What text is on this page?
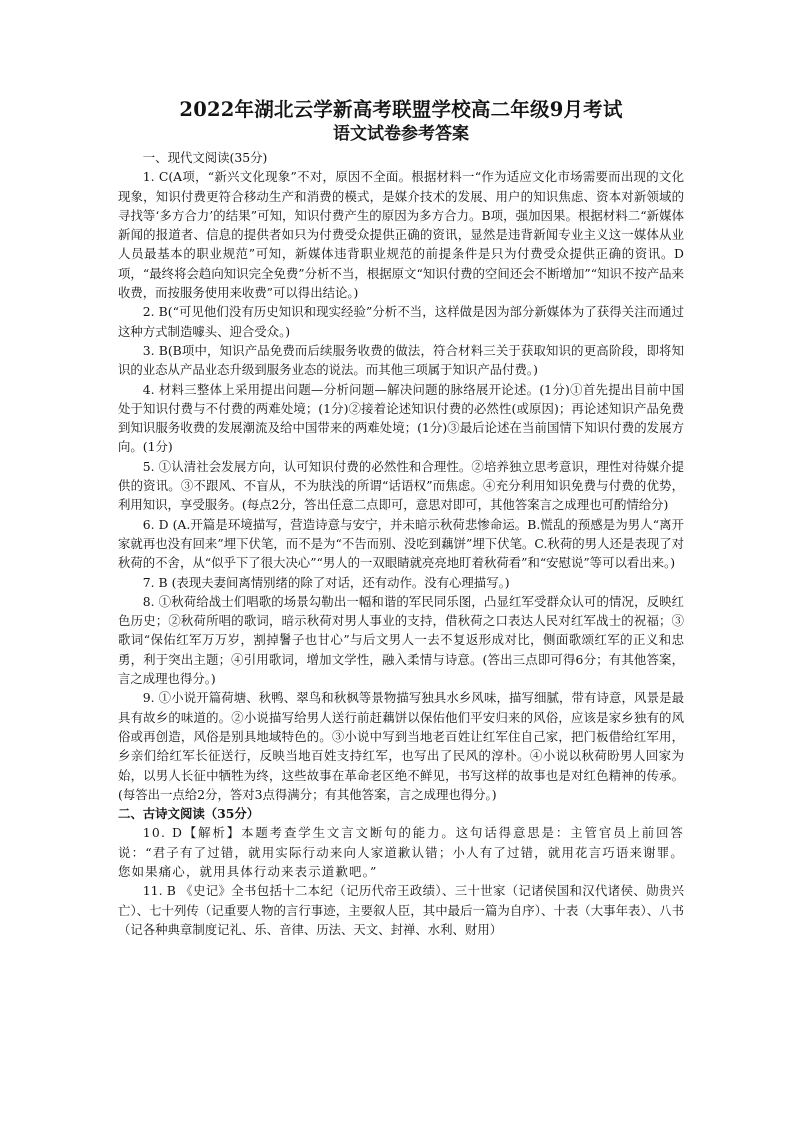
2022年湖北云学新高考联盟学校高二年级9月考试
语文试卷参考答案

一、现代文阅读(35分)

1. C(A项，“新兴文化现象”不对，原因不全面。根据材料一“作为适应文化市场需要而出现的文化现象，知识付费更符合移动生产和消费的模式，是媒介技术的发展、用户的知识焦虑、资本对新领域的寻找等‘多方合力’的结果”可知，知识付费产生的原因为多方合力。B项，强加因果。根据材料二“新媒体新闻的报道者、信息的提供者如只为付费受众提供正确的资讯，显然是违背新闻专业主义这一媒体从业人员最基本的职业规范”可知，新媒体违背职业规范的前提条件是只为付费受众提供正确的资讯。D项，“最终将会趋向知识完全免费”分析不当，根据原文“知识付费的空间还会不断增加”“知识不按产品来收费，而按服务使用来收费”可以得出结论。)

2. B(“可见他们没有历史知识和现实经验”分析不当，这样做是因为部分新媒体为了获得关注而通过这种方式制造噱头、迎合受众。)

3. B(B项中，知识产品免费而后续服务收费的做法，符合材料三关于获取知识的更高阶段，即将知识的业态从产品业态升级到服务业态的说法。而其他三项属于知识产品付费。)

4. 材料三整体上采用提出问题—分析问题—解决问题的脉络展开论述。(1分)①首先提出目前中国处于知识付费与不付费的两难处境；(1分)②接着论述知识付费的必然性(或原因)；再论述知识产品免费到知识服务收费的发展潮流及给中国带来的两难处境；(1分)③最后论述在当前国情下知识付费的发展方向。(1分)

5. ①认清社会发展方向，认可知识付费的必然性和合理性。②培养独立思考意识，理性对待媒介提供的资讯。③不跟风、不盲从，不为肤浅的所谓“话语权”而焦虑。④充分利用知识免费与付费的优势，利用知识，享受服务。(每点2分，答出任意二点即可，意思对即可，其他答案言之成理也可酌情给分)

6. D (A.开篇是环境描写，营造诗意与安宁，并未暗示秋荷悲惨命运。B.慌乱的预感是为男人“离开家就再也没有回来”埋下伏笔，而不是为“不告而别、没吃到藕饼”埋下伏笔。C.秋荷的男人还是表现了对秋荷的不舍，从“似乎下了很大决心”“男人的一双眼睛就亮亮地盯着秋荷看”和“安慰说”等可以看出来。)

7. B (表现夫妻间离情别绪的除了对话，还有动作。没有心理描写。)

8. ①秋荷给战士们唱歌的场景勾勒出一幅和谐的军民同乐图，凸显红军受群众认可的情况，反映红色历史；②秋荷所唱的歌词，暗示秋荷对男人事业的支持，借秋荷之口表达人民对红军战士的祝福；③歌词“保佑红军万万岁，割掉鬐子也甘心”与后文男人一去不复返形成对比，侧面歌颂红军的正义和忠勇，利于突出主题；④引用歌词，增加文学性，融入柔情与诗意。(答出三点即可得6分；有其他答案，言之成理也得分。)

9. ①小说开篇荷塘、秋鸭、翠鸟和秋枫等景物描写独具水乡风味，描写细腻，带有诗意，风景是最具有故乡的味道的。②小说描写给男人送行前赶藕饼以保佑他们平安归来的风俗，应该是家乡独有的风俗或再创造，风俗是别具地域特色的。③小说中写到当地老百姓让红军住自己家，把门板借给红军用，乡亲们给红军长征送行，反映当地百姓支持红军，也写出了民风的淳朴。④小说以秋荷盼男人回家为始，以男人长征中牺牲为终，这些故事在革命老区绝不鲜见，书写这样的故事也是对红色精神的传承。(每答出一点给2分，答对3点得满分；有其他答案，言之成理也得分。)

二、古诗文阅读（35分）

10. D【解析】本题考查学生文言文断句的能力。这句话得意思是：主管官员上前回答说：“君子有了过错，就用实际行动来向人家道歉认错；小人有了过错，就用花言巧语来谢罪。您如果痛心，就用具体行动来表示道歉吧。”

11. B 《史记》全书包括十二本纪（记历代帝王政绩）、三十世家（记诸侯国和汉代诸侯、勋贵兴亡）、七十列传（记重要人物的言行事迹，主要叙人臣，其中最后一篇为自序）、十表（大事年表）、八书（记各种典章制度记礼、乐、音律、历法、天文、封禅、水利、财用）
